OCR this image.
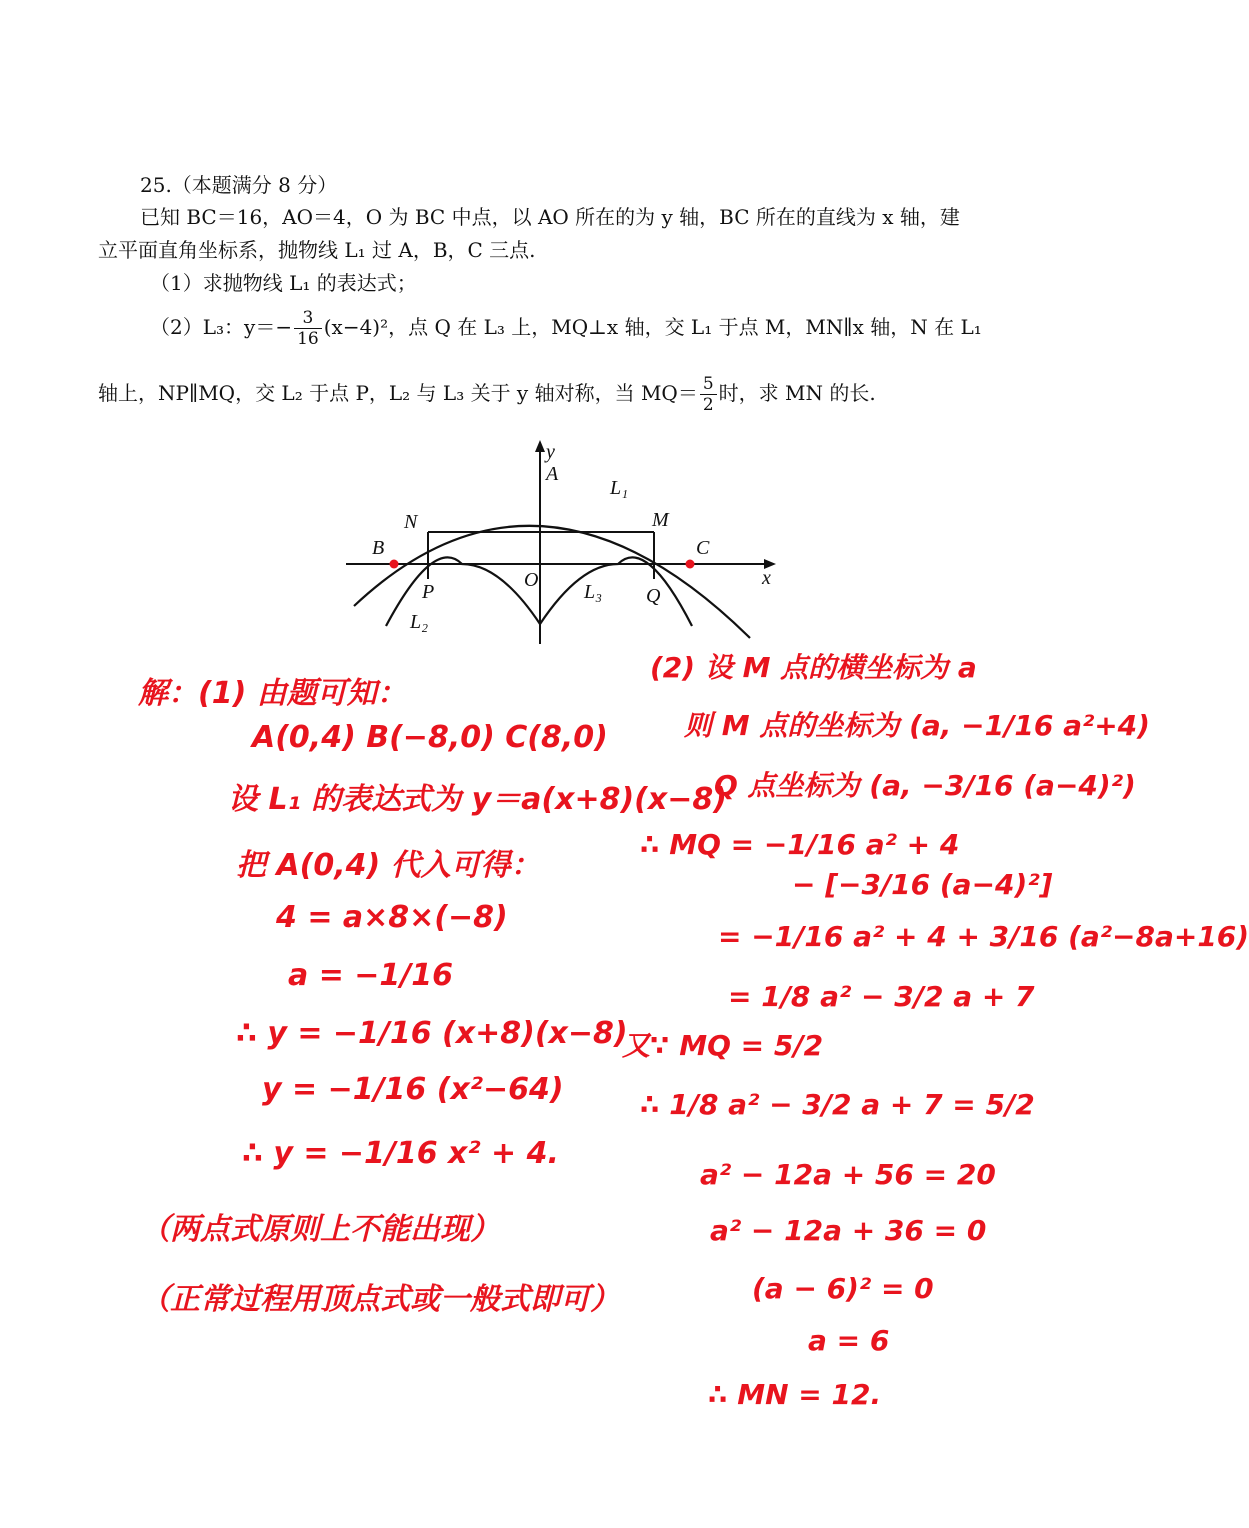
25.（本题满分 8 分）
已知 BC＝16，AO＝4，O 为 BC 中点，以 AO 所在的为 y 轴，BC 所在的直线为 x 轴，建
立平面直角坐标系，抛物线 L₁ 过 A，B，C 三点.
（1）求抛物线 L₁ 的表达式；
（2）L₃：$y=- \frac{3}{16} (x-4)^2$，点 Q 在 L₃ 上，MQ⊥x 轴，交 L₁ 于点 M，MN∥x 轴，N 在 L₁
轴上，NP∥MQ，交 L₂ 于点 P，L₂ 与 L₃ 关于 y 轴对称，当 $MQ= \frac{5}{2}$ 时，求 MN 的长.
y
x
A
L₁
N	M
B	C
O
P	L₃ Q
L₂
解：(1) 由题可知：
A(0,4) B(−8,0) C(8,0)
设 L₁ 的表达式为 y＝a(x+8)(x−8)
把 A(0,4) 代入可得：
4 = a×8×(−8)
a = −1/16
∴ y = −1/16 (x+8)(x−8)
y = −1/16 (x²−64)
∴ y = −1/16 x² + 4.
（两点式原则上不能出现）
（正常过程用顶点式或一般式即可）
(2) 设 M 点的横坐标为 a
则 M 点的坐标为 (a, −1/16 a²+4)
Q 点坐标为 (a, −3/16 (a−4)²)
∴ MQ = −1/16 a² + 4
− [−3/16 (a−4)²]
= −1/16 a² + 4 + 3/16 (a²−8a+16)
= 1/8 a² − 3/2 a + 7
又∵ MQ = 5/2
∴ 1/8 a² − 3/2 a + 7 = 5/2
a² − 12a + 56 = 20
a² − 12a + 36 = 0
(a − 6)² = 0
a = 6
∴ MN = 12.
